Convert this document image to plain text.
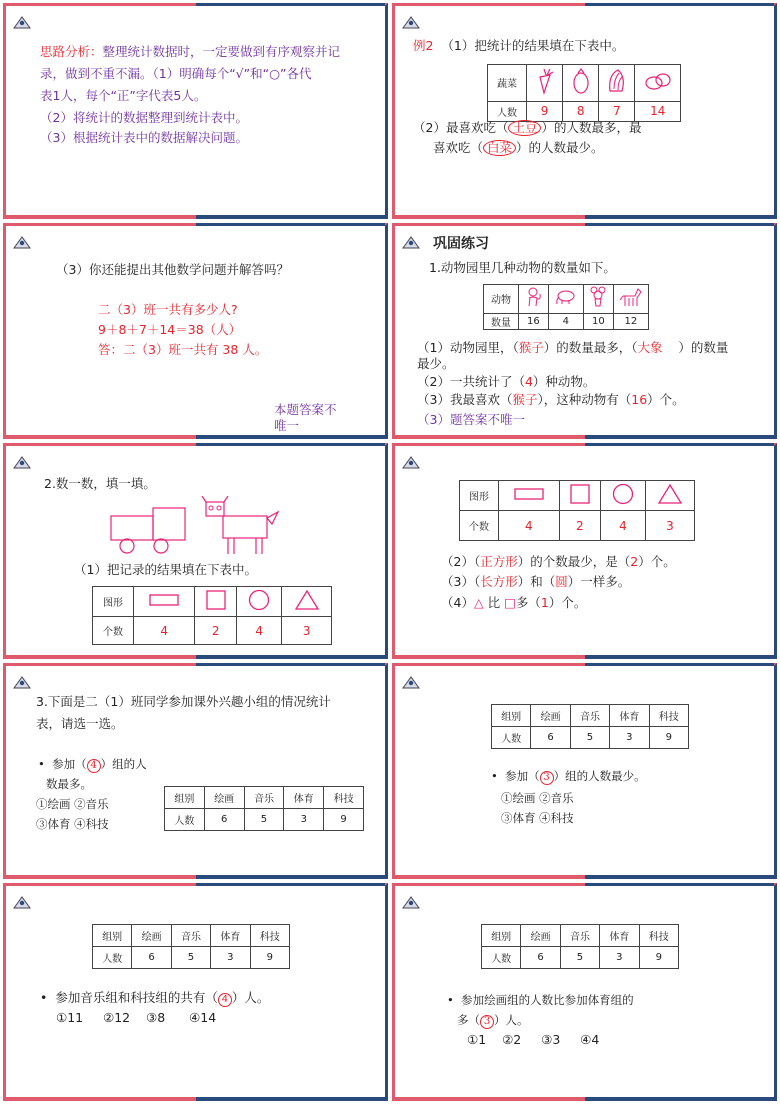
思路分析：整理统计数据时，一定要做到有序观察并记
录，做到不重不漏。（1）明确每个“√”和“○”各代
表1人，每个“正”字代表5人。
（2）将统计的数据整理到统计表中。
（3）根据统计表中的数据解决问题。
例2 （1）把统计的结果填在下表中。
蔬菜				
人数	9	8	7	14
（2）最喜欢吃（ 土豆 ）的人数最多，最
喜欢吃（ 白菜 ）的人数最少。
（3）你还能提出其他数学问题并解答吗？
二（3）班一共有多少人?
9＋8＋7＋14＝38（人）
答：二（3）班一共有 38 人。
本题答案不
唯一
巩固练习
1.动物园里几种动物的数量如下。
动物				
数量	16	4	10	12
（1）动物园里，（猴子）的数量最多，（大象 ）的数量
最少。
（2）一共统计了（4）种动物。
（3）我最喜欢（猴子），这种动物有（16）个。
（3）题答案不唯一
2.数一数，填一填。
（1）把记录的结果填在下表中。
图形				
个数	4	2	4	3
图形				
个数	4	2	4	3
（2）（正方形）的个数最少，是（2）个。
（3）（长方形）和（圆）一样多。
（4）△ 比 □多（1）个。
3.下面是二（1）班同学参加课外兴趣小组的情况统计
表，请选一选。
• 参加（ 4 ）组的人
数最多。
①绘画 ②音乐
③体育 ④科技
组别	绘画	音乐	体育	科技
人数	6	5	3	9
组别	绘画	音乐	体育	科技
人数	6	5	3	9
• 参加（ 3 ）组的人数最少。
①绘画 ②音乐
③体育 ④科技
组别	绘画	音乐	体育	科技
人数	6	5	3	9
• 参加音乐组和科技组的共有（ 4 ）人。
①11 ②12 ③8 ④14
组别	绘画	音乐	体育	科技
人数	6	5	3	9
• 参加绘画组的人数比参加体育组的
多（ 3 ）人。
①1 ②2 ③3 ④4
